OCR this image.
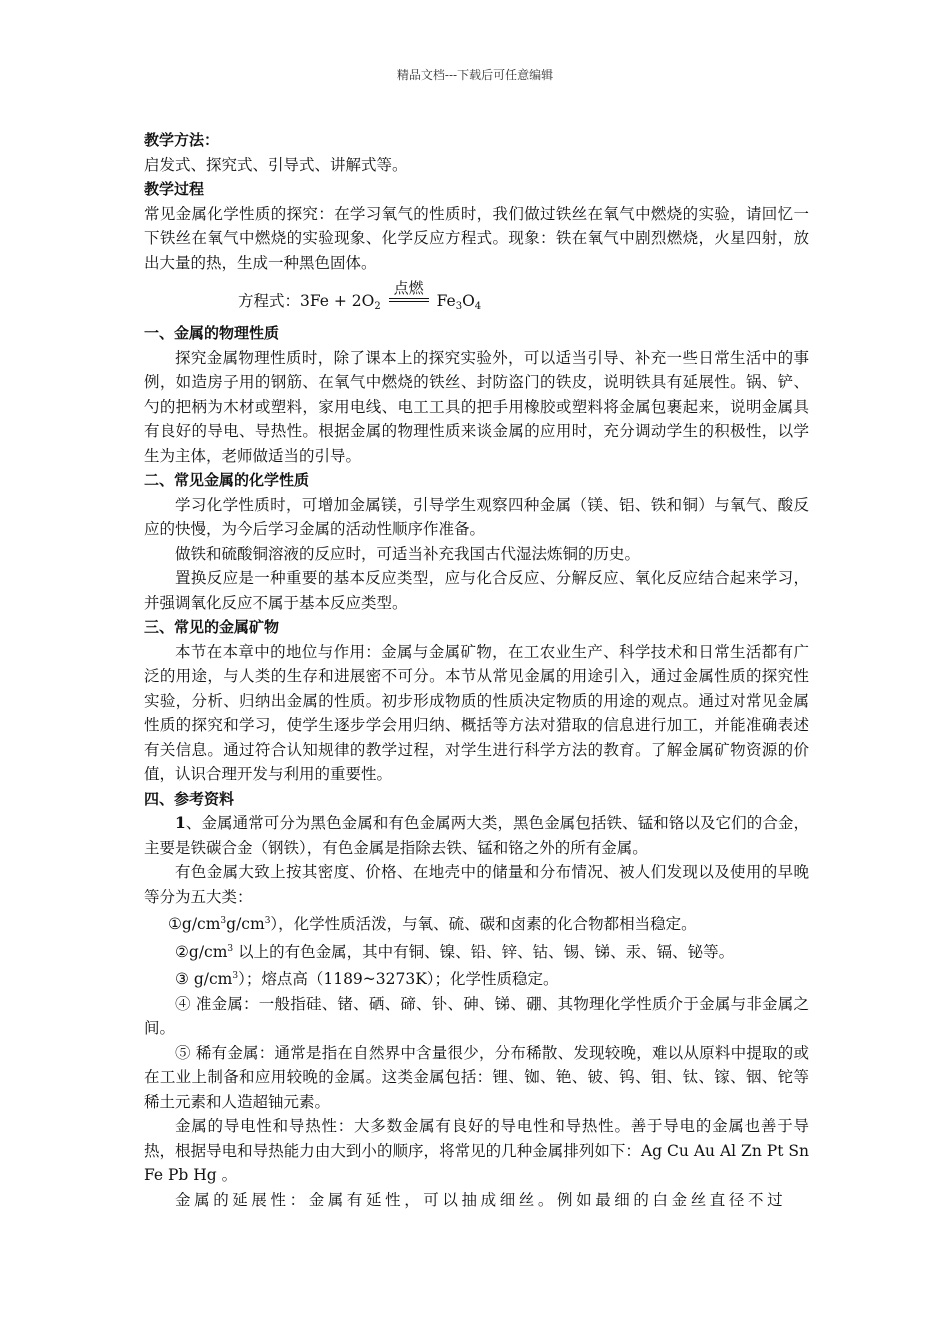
精品文档---下载后可任意编辑

教学方法：

启发式、探究式、引导式、讲解式等。

教学过程

常见金属化学性质的探究：在学习氧气的性质时，我们做过铁丝在氧气中燃烧的实验，请回忆一下铁丝在氧气中燃烧的实验现象、化学反应方程式。现象：铁在氧气中剧烈燃烧，火星四射，放出大量的热，生成一种黑色固体。

方程式：$3Fe + 2O_2$
点燃
$Fe_3O_4$

一、金属的物理性质

探究金属物理性质时，除了课本上的探究实验外，可以适当引导、补充一些日常生活中的事例，如造房子用的钢筋、在氧气中燃烧的铁丝、封防盗门的铁皮，说明铁具有延展性。锅、铲、勺的把柄为木材或塑料，家用电线、电工工具的把手用橡胶或塑料将金属包裹起来，说明金属具有良好的导电、导热性。根据金属的物理性质来谈金属的应用时，充分调动学生的积极性，以学生为主体，老师做适当的引导。

二、常见金属的化学性质

学习化学性质时，可增加金属镁，引导学生观察四种金属（镁、铝、铁和铜）与氧气、酸反应的快慢，为今后学习金属的活动性顺序作准备。

做铁和硫酸铜溶液的反应时，可适当补充我国古代湿法炼铜的历史。

置换反应是一种重要的基本反应类型，应与化合反应、分解反应、氧化反应结合起来学习，并强调氧化反应不属于基本反应类型。

三、常见的金属矿物

本节在本章中的地位与作用：金属与金属矿物，在工农业生产、科学技术和日常生活都有广泛的用途，与人类的生存和进展密不可分。本节从常见金属的用途引入，通过金属性质的探究性实验，分析、归纳出金属的性质。初步形成物质的性质决定物质的用途的观点。通过对常见金属性质的探究和学习，使学生逐步学会用归纳、概括等方法对猎取的信息进行加工，并能准确表述有关信息。通过符合认知规律的教学过程，对学生进行科学方法的教育。了解金属矿物资源的价值，认识合理开发与利用的重要性。

四、参考资料

1、金属通常可分为黑色金属和有色金属两大类，黑色金属包括铁、锰和铬以及它们的合金，主要是铁碳合金（钢铁），有色金属是指除去铁、锰和铬之外的所有金属。

有色金属大致上按其密度、价格、在地壳中的储量和分布情况、被人们发现以及使用的早晚等分为五大类：

$①g/cm^3g/cm^3$），化学性质活泼，与氧、硫、碳和卤素的化合物都相当稳定。

$②g/cm^3$ 以上的有色金属，其中有铜、镍、铅、锌、钴、锡、锑、汞、镉、铋等。

③ $g/cm^3$）；熔点高（1189~3273K）；化学性质稳定。

④ 准金属：一般指硅、锗、硒、碲、钋、砷、锑、硼、其物理化学性质介于金属与非金属之间。

⑤ 稀有金属：通常是指在自然界中含量很少，分布稀散、发现较晚，难以从原料中提取的或在工业上制备和应用较晚的金属。这类金属包括：锂、铷、铯、铍、钨、钼、钛、镓、铟、铊等稀土元素和人造超铀元素。

金属的导电性和导热性：大多数金属有良好的导电性和导热性。善于导电的金属也善于导热，根据导电和导热能力由大到小的顺序，将常见的几种金属排列如下：Ag Cu Au Al Zn Pt Sn Fe Pb Hg 。

金属的延展性：金属有延性，可以抽成细丝。例如最细的白金丝直径不过
